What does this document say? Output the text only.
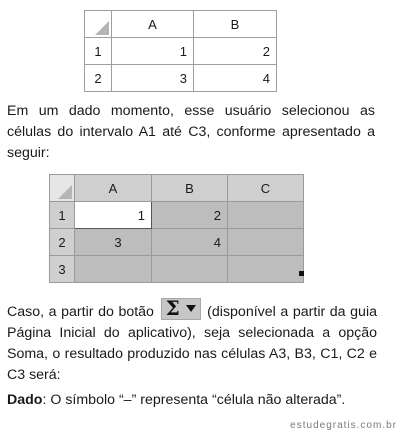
	A	B
1	1	2
2	3	4

Em um dado momento, esse usuário selecionou as células do intervalo A1 até C3, conforme apresentado a seguir:

	A	B	C
1	1	2	
2	3	4	
3			

Caso, a partir do botão Σ (disponível a partir da guia Página Inicial do aplicativo), seja selecionada a opção Soma, o resultado produzido nas células A3, B3, C1, C2 e C3 será:

Dado: O símbolo “–” representa “célula não alterada”.

estudegratis.com.br
